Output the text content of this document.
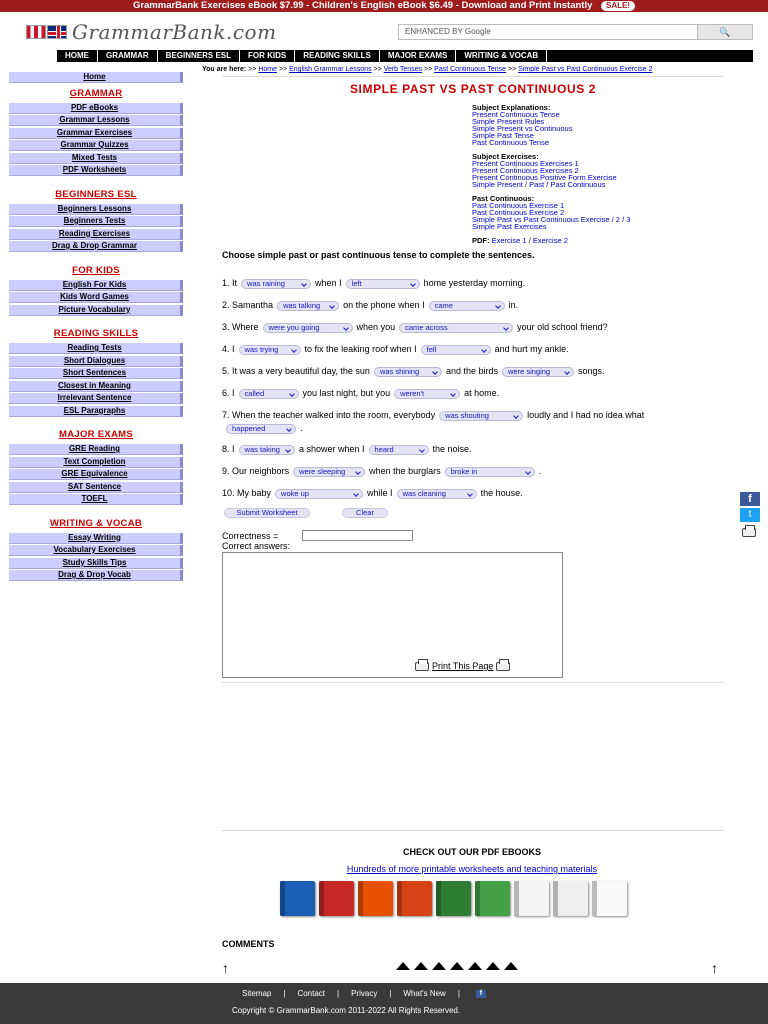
GrammarBank Exercises eBook $7.99 - Children's English eBook $6.49 - Download and Print Instantly SALE!
GrammarBank.com	ENHANCED BY Google	🔍
HOME	GRAMMAR	BEGINNERS ESL	FOR KIDS	READING SKILLS	MAJOR EXAMS	WRITING & VOCAB
Home
GRAMMAR
PDF eBooks
Grammar Lessons
Grammar Exercises
Grammar Quizzes
Mixed Tests
PDF Worksheets
BEGINNERS ESL
Beginners Lessons
Beginners Tests
Reading Exercises
Drag & Drop Grammar
FOR KIDS
English For Kids
Kids Word Games
Picture Vocabulary
READING SKILLS
Reading Tests
Short Dialogues
Short Sentences
Closest in Meaning
Irrelevant Sentence
ESL Paragraphs
MAJOR EXAMS
GRE Reading
Text Completion
GRE Equivalence
SAT Sentence
TOEFL
WRITING & VOCAB
Essay Writing
Vocabulary Exercises
Study Skills Tips
Drag & Drop Vocab
You are here: >> Home >> English Grammar Lessons >> Verb Tenses >> Past Continuous Tense >> Simple Past vs Past Continuous Exercise 2
SIMPLE PAST VS PAST CONTINUOUS 2
Subject Explanations:
Present Continuous Tense
Simple Present Rules
Simple Present vs Continuous
Simple Past Tense
Past Continuous Tense
Subject Exercises:
Present Continuous Exercises 1
Present Continuous Exercises 2
Present Continuous Positive Form Exercise
Simple Present / Past / Past Continuous
Past Continuous:
Past Continuous Exercise 1
Past Continuous Exercise 2
Simple Past vs Past Continuous Exercise / 2 / 3
Simple Past Exercises
PDF: Exercise 1 / Exercise 2
Choose simple past or past continuous tense to complete the sentences.
1. It was raining	when I left	home yesterday morning.
2. Samantha was talking	on the phone when I came	in.
3. Where were you going	when you came across	your old school friend?
4. I was trying	to fix the leaking roof when I fell	and hurt my ankle.
5. It was a very beautiful day, the sun was shining	and the birds were singing	songs.
6. I called	you last night, but you weren't	at home.
7. When the teacher walked into the room, everybody was shouting	loudly and I had no idea whathappened	.
8. I was taking a shower when I heard	the noise.
9. Our neighbors were sleeping	when the burglars broke in	.
10. My baby woke up	while I was cleaning	the house.
Submit Worksheet	Clear
Correctness =
Correct answers:
Print This Page
CHECK OUT OUR PDF EBOOKS
Hundreds of more printable worksheets and teaching materials
COMMENTS
↑	↑
f
t
Sitemap | Contact | Privacy | What's New |	f
Copyright © GrammarBank.com 2011-2022 All Rights Reserved.
